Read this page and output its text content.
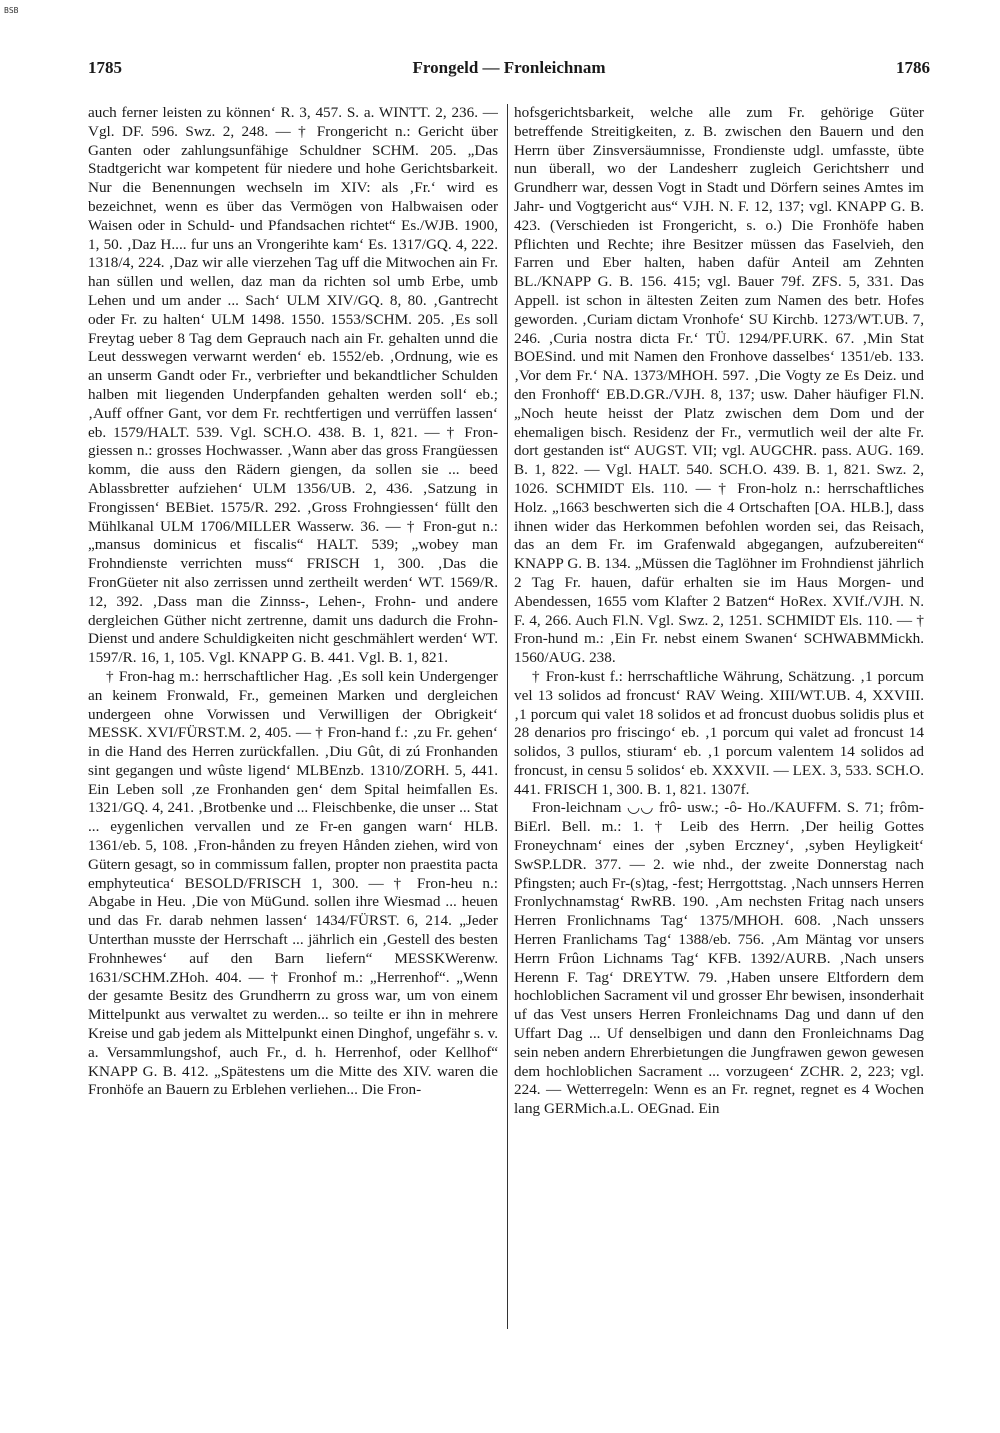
BSB
1785	Frongeld — Fronleichnam	1786

auch ferner leisten zu können‘ R. 3, 457. S. a. WINTT. 2, 236. — Vgl. DF. 596. Swz. 2, 248. — † Frongericht n.: Gericht über Ganten oder zahlungsunfähige Schuldner SCHM. 205. „Das Stadtgericht war kompetent für niedere und hohe Gerichtsbarkeit. Nur die Benennungen wechseln im XIV: als ‚Fr.‘ wird es bezeichnet, wenn es über das Vermögen von Halbwaisen oder Waisen oder in Schuld- und Pfandsachen richtet“ Es./WJB. 1900, 1, 50. ‚Daz H.... fur uns an Vrongerihte kam‘ Es. 1317/GQ. 4, 222. 1318/4, 224. ‚Daz wir alle vierzehen Tag uff die Mitwochen ain Fr. han süllen und wellen, daz man da richten sol umb Erbe, umb Lehen und um ander ... Sach‘ ULM XIV/GQ. 8, 80. ‚Gantrecht oder Fr. zu halten‘ ULM 1498. 1550. 1553/SCHM. 205. ‚Es soll Freytag ueber 8 Tag dem Geprauch nach ain Fr. gehalten unnd die Leut desswegen verwarnt werden‘ eb. 1552/eb. ‚Ordnung, wie es an unserm Gandt oder Fr., verbriefter und bekandtlicher Schulden halben mit liegenden Underpfanden gehalten werden soll‘ eb.; ‚Auff offner Gant, vor dem Fr. rechtfertigen und verrüffen lassen‘ eb. 1579/HALT. 539. Vgl. SCH.O. 438. B. 1, 821. — † Fron-giessen n.: grosses Hochwasser. ‚Wann aber das gross Frangüessen komm, die auss den Rädern giengen, da sollen sie ... beed Ablassbretter aufziehen‘ ULM 1356/UB. 2, 436. ‚Satzung in Frongissen‘ BEBiet. 1575/R. 292. ‚Gross Frohngiessen‘ füllt den Mühlkanal ULM 1706/MILLER Wasserw. 36. — † Fron-gut n.: „mansus dominicus et fiscalis“ HALT. 539; „wobey man Frohndienste verrichten muss“ FRISCH 1, 300. ‚Das die FronGüeter nit also zerrissen unnd zertheilt werden‘ WT. 1569/R. 12, 392. ‚Dass man die Zinnss-, Lehen-, Frohn- und andere dergleichen Güther nicht zertrenne, damit uns dadurch die Frohn-Dienst und andere Schuldigkeiten nicht geschmählert werden‘ WT. 1597/R. 16, 1, 105. Vgl. KNAPP G. B. 441. Vgl. B. 1, 821.

† Fron-hag m.: herrschaftlicher Hag. ‚Es soll kein Undergenger an keinem Fronwald, Fr., gemeinen Marken und dergleichen undergeen ohne Vorwissen und Verwilligen der Obrigkeit‘ MESSK. XVI/FÜRST.M. 2, 405. — † Fron-hand f.: ‚zu Fr. gehen‘ in die Hand des Herren zurückfallen. ‚Diu Gût, di zú Fronhanden sint gegangen und wûste ligend‘ MLBEnzb. 1310/ZORH. 5, 441. Ein Leben soll ‚ze Fronhanden gen‘ dem Spital heimfallen Es. 1321/GQ. 4, 241. ‚Brotbenke und ... Fleischbenke, die unser ... Stat ... eygenlichen vervallen und ze Fr-en gangen warn‘ HLB. 1361/eb. 5, 108. ‚Fron-hånden zu freyen Hånden ziehen, wird von Gütern gesagt, so in commissum fallen, propter non praestita pacta emphyteutica‘ BESOLD/FRISCH 1, 300. — † Fron-heu n.: Abgabe in Heu. ‚Die von MüGund. sollen ihre Wiesmad ... heuen und das Fr. darab nehmen lassen‘ 1434/FÜRST. 6, 214. „Jeder Unterthan musste der Herrschaft ... jährlich ein ‚Gestell des besten Frohnhewes‘ auf den Barn liefern“ MESSKWerenw. 1631/SCHM.ZHoh. 404. — † Fronhof m.: „Herrenhof“. „Wenn der gesamte Besitz des Grundherrn zu gross war, um von einem Mittelpunkt aus verwaltet zu werden... so teilte er ihn in mehrere Kreise und gab jedem als Mittelpunkt einen Dinghof, ungefähr s. v. a. Versammlungshof, auch Fr., d. h. Herrenhof, oder Kellhof“ KNAPP G. B. 412. „Spätestens um die Mitte des XIV. waren die Fronhöfe an Bauern zu Erblehen verliehen... Die Fron-

hofsgerichtsbarkeit, welche alle zum Fr. gehörige Güter betreffende Streitigkeiten, z. B. zwischen den Bauern und den Herrn über Zinsversäumnisse, Frondienste udgl. umfasste, übte nun überall, wo der Landesherr zugleich Gerichtsherr und Grundherr war, dessen Vogt in Stadt und Dörfern seines Amtes im Jahr- und Vogtgericht aus“ VJH. N. F. 12, 137; vgl. KNAPP G. B. 423. (Verschieden ist Frongericht, s. o.) Die Fronhöfe haben Pflichten und Rechte; ihre Besitzer müssen das Faselvieh, den Farren und Eber halten, haben dafür Anteil am Zehnten BL./KNAPP G. B. 156. 415; vgl. Bauer 79f. ZFS. 5, 331. Das Appell. ist schon in ältesten Zeiten zum Namen des betr. Hofes geworden. ‚Curiam dictam Vronhofe‘ SU Kirchb. 1273/WT.UB. 7, 246. ‚Curia nostra dicta Fr.‘ TÜ. 1294/PF.URK. 67. ‚Min Stat BOESind. und mit Namen den Fronhove dasselbes‘ 1351/eb. 133. ‚Vor dem Fr.‘ NA. 1373/MHOH. 597. ‚Die Vogty ze Es Deiz. und den Fronhoff‘ EB.D.GR./VJH. 8, 137; usw. Daher häufiger Fl.N. „Noch heute heisst der Platz zwischen dem Dom und der ehemaligen bisch. Residenz der Fr., vermutlich weil der alte Fr. dort gestanden ist“ AUGST. VII; vgl. AUGCHR. pass. AUG. 169. B. 1, 822. — Vgl. HALT. 540. SCH.O. 439. B. 1, 821. Swz. 2, 1026. SCHMIDT Els. 110. — † Fron-holz n.: herrschaftliches Holz. „1663 beschwerten sich die 4 Ortschaften [OA. HLB.], dass ihnen wider das Herkommen befohlen worden sei, das Reisach, das an dem Fr. im Grafenwald abgegangen, aufzubereiten“ KNAPP G. B. 134. „Müssen die Taglöhner im Frohndienst jährlich 2 Tag Fr. hauen, dafür erhalten sie im Haus Morgen- und Abendessen, 1655 vom Klafter 2 Batzen“ HoRex. XVIf./VJH. N. F. 4, 266. Auch Fl.N. Vgl. Swz. 2, 1251. SCHMIDT Els. 110. — † Fron-hund m.: ‚Ein Fr. nebst einem Swanen‘ SCHWABMMickh. 1560/AUG. 238.

† Fron-kust f.: herrschaftliche Währung, Schätzung. ‚1 porcum vel 13 solidos ad froncust‘ RAV Weing. XIII/WT.UB. 4, XXVIII. ‚1 porcum qui valet 18 solidos et ad froncust duobus solidis plus et 28 denarios pro friscingo‘ eb. ‚1 porcum qui valet ad froncust 14 solidos, 3 pullos, stiuram‘ eb. ‚1 porcum valentem 14 solidos ad froncust, in censu 5 solidos‘ eb. XXXVII. — LEX. 3, 533. SCH.O. 441. FRISCH 1, 300. B. 1, 821. 1307f.

Fron-leichnam ◡◡ frô- usw.; -ô- Ho./KAUFFM. S. 71; frôm- BiErl. Bell. m.: 1. † Leib des Herrn. ‚Der heilig Gottes Froneychnam‘ eines der ‚syben Erczney‘, ‚syben Heyligkeit‘ SwSP.LDR. 377. — 2. wie nhd., der zweite Donnerstag nach Pfingsten; auch Fr-(s)tag, -fest; Herrgottstag. ‚Nach unnsers Herren Fronlychnamstag‘ RwRB. 190. ‚Am nechsten Fritag nach unsers Herren Fronlichnams Tag‘ 1375/MHOH. 608. ‚Nach unssers Herren Franlichams Tag‘ 1388/eb. 756. ‚Am Mäntag vor unsers Herrn Frûon Lichnams Tag‘ KFB. 1392/AURB. ‚Nach unsers Herenn F. Tag‘ DREYTW. 79. ‚Haben unsere Eltfordern dem hochloblichen Sacrament vil und grosser Ehr bewisen, insonderhait uf das Vest unsers Herren Fronleichnams Dag und dann uf den Uffart Dag ... Uf denselbigen und dann den Fronleichnams Dag sein neben andern Ehrerbietungen die Jungfrawen gewon gewesen dem hochloblichen Sacrament ... vorzugeen‘ ZCHR. 2, 223; vgl. 224. — Wetterregeln: Wenn es an Fr. regnet, regnet es 4 Wochen lang GERMich.a.L. OEGnad. Ein
